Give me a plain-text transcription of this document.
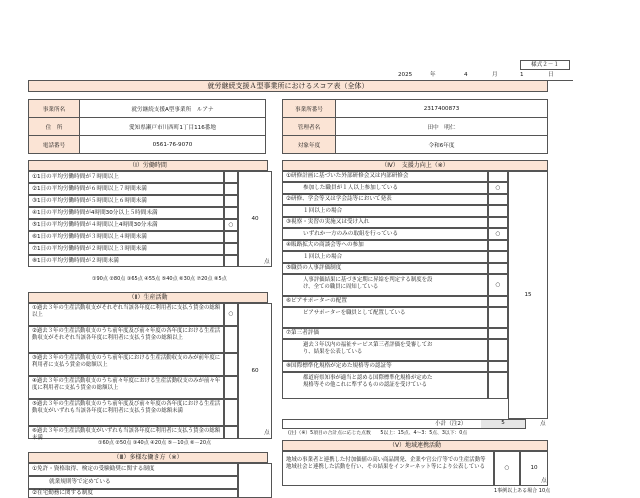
様式２－１
2025	年	4	月	1	日
就労継続支援Ａ型事業所におけるスコア表（全体）
事業所名	就労継続支援A型事業所　ルアナ
住　所	愛知県瀬戸市川西町1丁目116番地
電話番号	0561-76-9070
事業所番号	2317400873
管理者名	田中　明仁
対象年度	令和6年度
（Ⅰ）労働時間
①1日の平均労働時間が７時間以上
②1日の平均労働時間が６時間以上７時間未満
③1日の平均労働時間が５時間以上６時間未満
④1日の平均労働時間が4時間30分以上５時間未満
⑤1日の平均労働時間が４時間以上4時間30分未満	○
⑥1日の平均労働時間が３時間以上４時間未満
⑦1日の平均労働時間が２時間以上３時間未満
⑧1日の平均労働時間が２時間未満
40
点
①90点 ②80点 ③65点 ④55点 ⑤40点 ⑥30点 ⑦20点 ⑧5点
（Ⅱ）生産活動
①過去３年の生産活動収支がそれぞれ当該各年度に利用者に支払う賃金の総額以上	○
②過去３年の生産活動収支のうち前年度及び前々年度の各年度における生産活動収支がそれぞれ当該各年度に利用者に支払う賃金の総額以上
③過去３年の生産活動収支のうち前年度における生産活動収支のみが前年度に利用者に支払う賃金の総額以上
④過去３年の生産活動収支のうち前々年度における生産活動収支のみが前々年度に利用者に支払う賃金の総額以上
⑤過去３年の生産活動収支のうち前年度及び前々年度の各年度における生産活動収支がいずれも当該各年度に利用者に支払う賃金の総額未満
⑥過去３年の生産活動収支がいずれも当該各年度に利用者に支払う賃金の総額未満
60
点
①60点 ②50点 ③40点 ④20点 ⑤－10点 ⑥－20点
（Ⅲ）多様な働き方（※）
①免許・資格取得、検定の受験勧奨に関する制度
就業規則等で定めている
②在宅勤務に関する制度
（Ⅳ）　支援力向上（※）
①研修計画に基づいた外部研修会又は内部研修会
参加した職員が１人以上参加している	○
②研修、学会等又は学会誌等において発表
１回以上の場合
③視察・実習の実施又は受け入れ
いずれか一方のみの取組を行っている	○
④販路拡大の商談会等への参加
１回以上の場合
⑤職員の人事評価制度
人事評価結果に基づき定期に昇給を判定する制度を設け、全ての職員に周知している	○
⑥ピアサポーターの配置
ピアサポーターを職員として配置している
⑦第三者評価
過去３年以内の福祉サービス第三者評価を受審しており、結果を公表している
⑧国際標準化規格が定めた規格等の認証等
都道府県知事が適当と認める国際標準化規格が定めた規格等その他これに準ずるものの認証を受けている
15
点
小計（注2）	5
(注)（※）5項目の合計点に応じた点数　　5以上：15点、4～3：5点、3以下：0点
（Ⅴ）地域連携活動
地域の事業者と連携した付加価値の高い商品開発、企業や官公庁等での生産活動等地域社会と連携した活動を行い、その結果をインターネット等により公表している	○	10
点
1事例以上ある場合 10点
